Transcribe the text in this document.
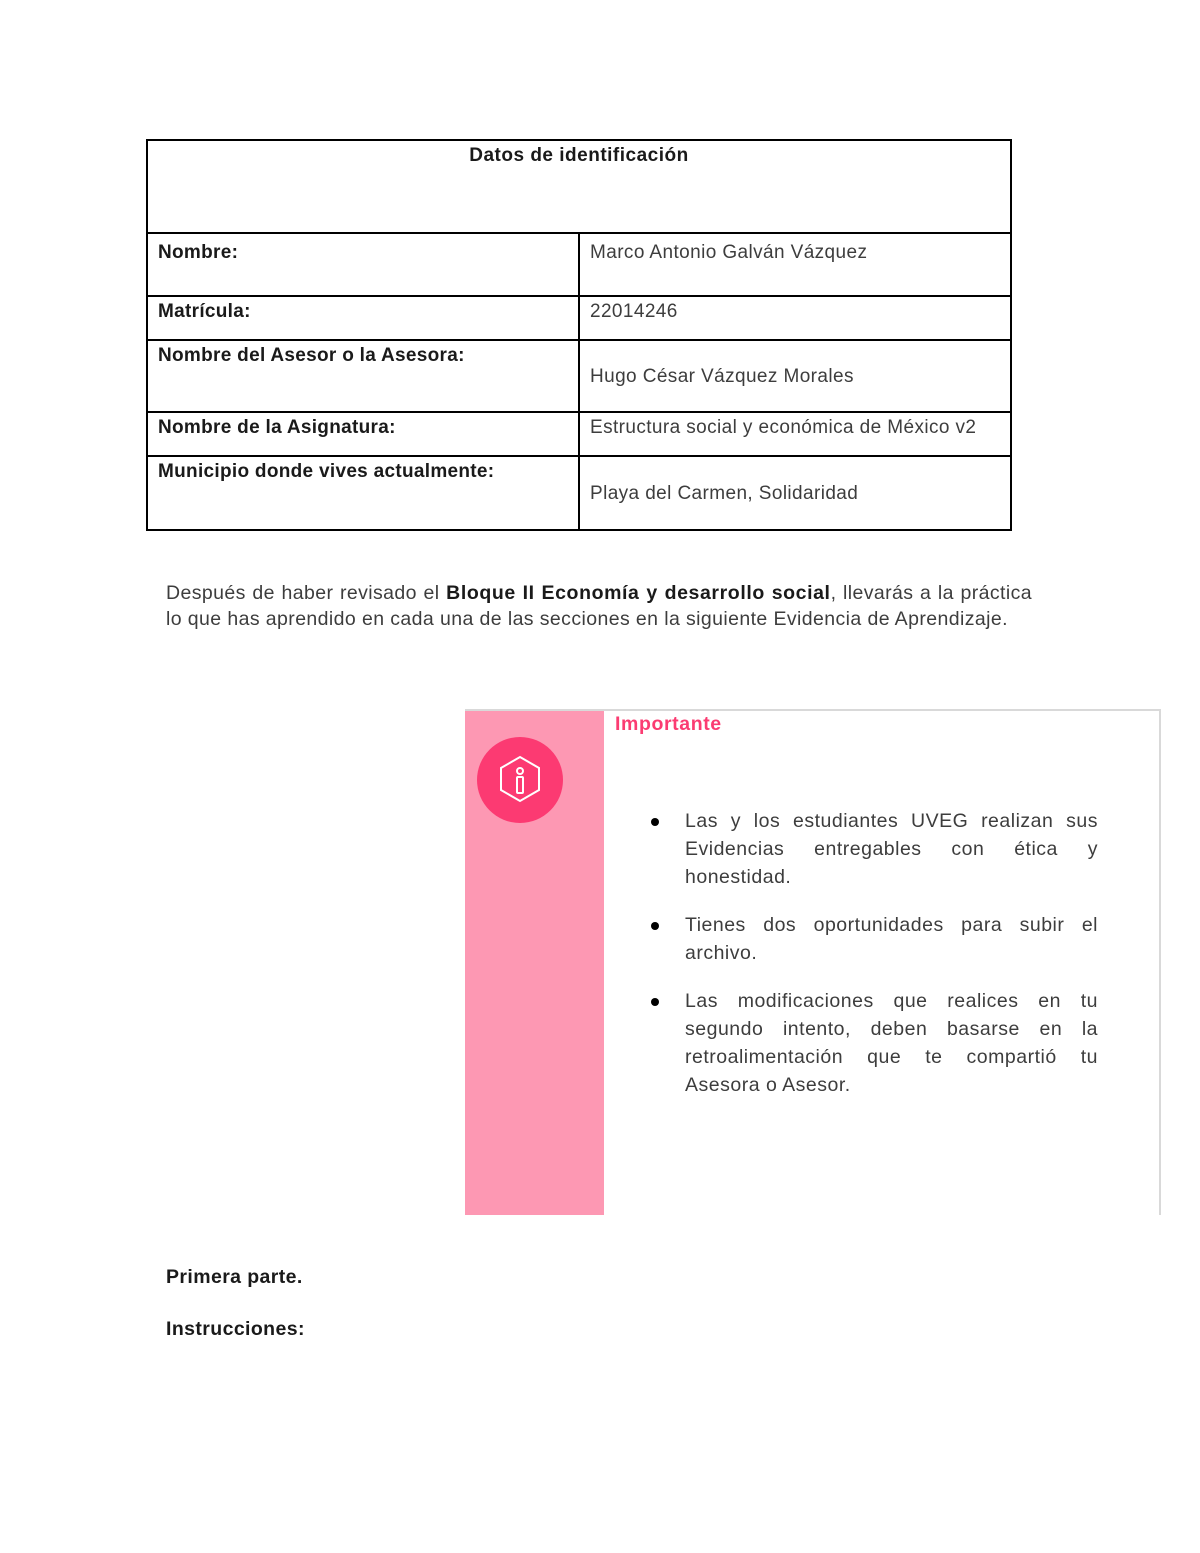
Datos de identificación	
Nombre:	Marco Antonio Galván Vázquez
Matrícula:	22014246
Nombre del Asesor o la Asesora:	Hugo César Vázquez Morales
Nombre de la Asignatura:	Estructura social y económica de México v2
Municipio donde vives actualmente:	Playa del Carmen, Solidaridad

Después de haber revisado el Bloque II Economía y desarrollo social, llevarás a la práctica lo que has aprendido en cada una de las secciones en la siguiente Evidencia de Aprendizaje.

Importante
Las y los estudiantes UVEG realizan sus Evidencias entregables con ética y honestidad.
Tienes dos oportunidades para subir el archivo.
Las modificaciones que realices en tu segundo intento, deben basarse en la retroalimentación que te compartió tu Asesora o Asesor.

Primera parte.

Instrucciones:
